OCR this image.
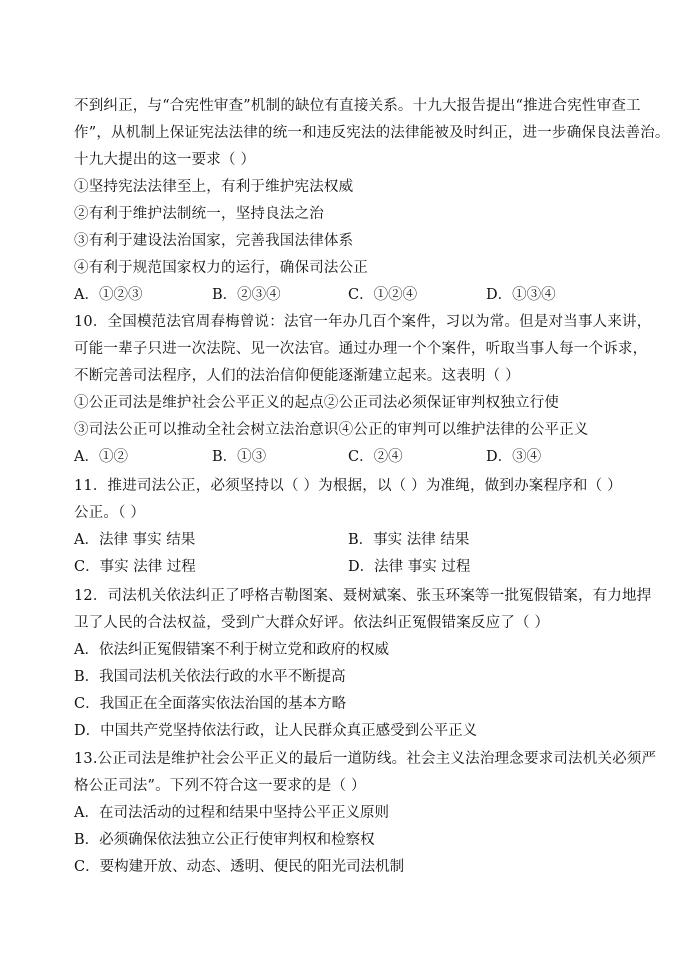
不到纠正，与“合宪性审查”机制的缺位有直接关系。十九大报告提出“推进合宪性审查工
作”，从机制上保证宪法法律的统一和违反宪法的法律能被及时纠正，进一步确保良法善治。
十九大提出的这一要求（ ）
①坚持宪法法律至上，有利于维护宪法权威
②有利于维护法制统一，坚持良法之治
③有利于建设法治国家，完善我国法律体系
④有利于规范国家权力的运行，确保司法公正
A．①②③	B．②③④	C．①②④	D．①③④
10．全国模范法官周春梅曾说：法官一年办几百个案件，习以为常。但是对当事人来讲，
可能一辈子只进一次法院、见一次法官。通过办理一个个案件，听取当事人每一个诉求，
不断完善司法程序，人们的法治信仰便能逐渐建立起来。这表明（ ）
①公正司法是维护社会公平正义的起点②公正司法必须保证审判权独立行使
③司法公正可以推动全社会树立法治意识④公正的审判可以维护法律的公平正义
A．①②	B．①③	C．②④	D．③④
11．推进司法公正，必须坚持以（ ）为根据，以（ ）为准绳，做到办案程序和（ ）
公正。（ ）
A．法律 事实 结果	B．事实 法律 结果
C．事实 法律 过程	D．法律 事实 过程
12．司法机关依法纠正了呼格吉勒图案、聂树斌案、张玉环案等一批冤假错案，有力地捍
卫了人民的合法权益，受到广大群众好评。依法纠正冤假错案反应了（ ）
A．依法纠正冤假错案不利于树立党和政府的权威
B．我国司法机关依法行政的水平不断提高
C．我国正在全面落实依法治国的基本方略
D．中国共产党坚持依法行政，让人民群众真正感受到公平正义
13.公正司法是维护社会公平正义的最后一道防线。社会主义法治理念要求司法机关必须严
格公正司法”。下列不符合这一要求的是（ ）
A．在司法活动的过程和结果中坚持公平正义原则
B．必须确保依法独立公正行使审判权和检察权
C．要构建开放、动态、透明、便民的阳光司法机制
